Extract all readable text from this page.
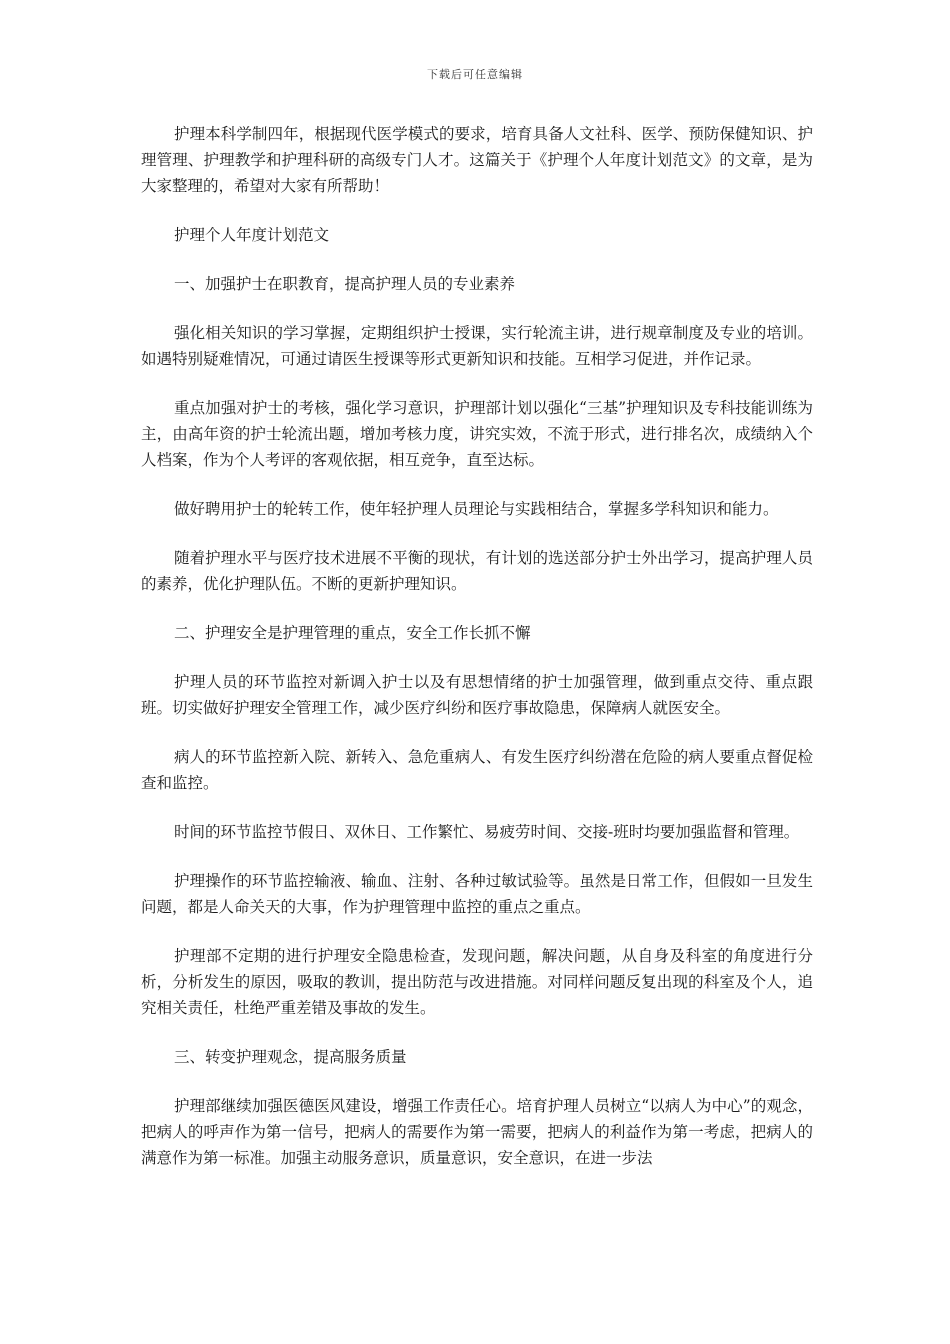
下载后可任意编辑

护理本科学制四年，根据现代医学模式的要求，培育具备人文社科、医学、预防保健知识、护理管理、护理教学和护理科研的高级专门人才。这篇关于《护理个人年度计划范文》的文章，是为大家整理的，希望对大家有所帮助！

护理个人年度计划范文

一、加强护士在职教育，提高护理人员的专业素养

强化相关知识的学习掌握，定期组织护士授课，实行轮流主讲，进行规章制度及专业的培训。如遇特别疑难情况，可通过请医生授课等形式更新知识和技能。互相学习促进，并作记录。

重点加强对护士的考核，强化学习意识，护理部计划以强化“三基”护理知识及专科技能训练为主，由高年资的护士轮流出题，增加考核力度，讲究实效，不流于形式，进行排名次，成绩纳入个人档案，作为个人考评的客观依据，相互竞争，直至达标。

做好聘用护士的轮转工作，使年轻护理人员理论与实践相结合，掌握多学科知识和能力。

随着护理水平与医疗技术进展不平衡的现状，有计划的选送部分护士外出学习，提高护理人员的素养，优化护理队伍。不断的更新护理知识。

二、护理安全是护理管理的重点，安全工作长抓不懈

护理人员的环节监控对新调入护士以及有思想情绪的护士加强管理，做到重点交待、重点跟班。切实做好护理安全管理工作，减少医疗纠纷和医疗事故隐患，保障病人就医安全。

病人的环节监控新入院、新转入、急危重病人、有发生医疗纠纷潜在危险的病人要重点督促检查和监控。

时间的环节监控节假日、双休日、工作繁忙、易疲劳时间、交接-班时均要加强监督和管理。

护理操作的环节监控输液、输血、注射、各种过敏试验等。虽然是日常工作，但假如一旦发生问题，都是人命关天的大事，作为护理管理中监控的重点之重点。

护理部不定期的进行护理安全隐患检查，发现问题，解决问题，从自身及科室的角度进行分析，分析发生的原因，吸取的教训，提出防范与改进措施。对同样问题反复出现的科室及个人，追究相关责任，杜绝严重差错及事故的发生。

三、转变护理观念，提高服务质量

护理部继续加强医德医风建设，增强工作责任心。培育护理人员树立“以病人为中心”的观念，把病人的呼声作为第一信号，把病人的需要作为第一需要，把病人的利益作为第一考虑，把病人的满意作为第一标准。加强主动服务意识，质量意识，安全意识，在进一步法
